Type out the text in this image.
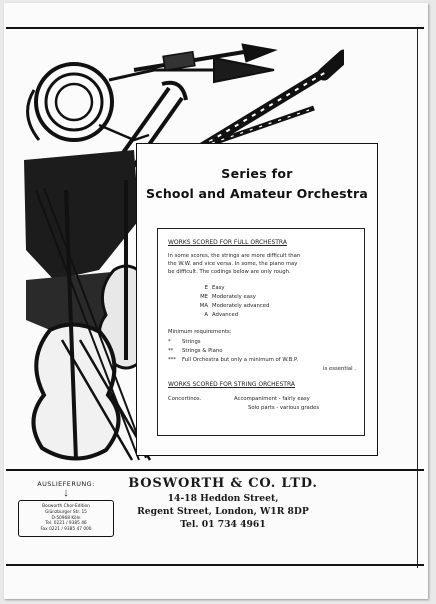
Series for
School and Amateur Orchestra
WORKS SCORED FOR FULL ORCHESTRA
In some scores, the strings are more difficult than
the W.W. and vice versa. In some, the piano may
be difficult. The codings below are only rough.
E Easy
ME Moderately easy
MA Moderately advanced
A Advanced
Minimum requirements:
* Strings
** Strings & Piano
*** Full Orchestra but only a minimum of W.B.P.
is essential .
WORKS SCORED FOR STRING ORCHESTRA
Concertinos.	Accompaniment - fairly easy
Solo parts - various grades
AUSLIEFERUNG:
↓
Bosworth Chor-Edition
Glünzburger Str. 15
D-50968 Köln
Tel. 0221 / 9385 46
Fax 0221 / 9385 47 000
BOSWORTH & CO. LTD.
14-18 Heddon Street,
Regent Street, London, W1R 8DP
Tel. 01 734 4961
